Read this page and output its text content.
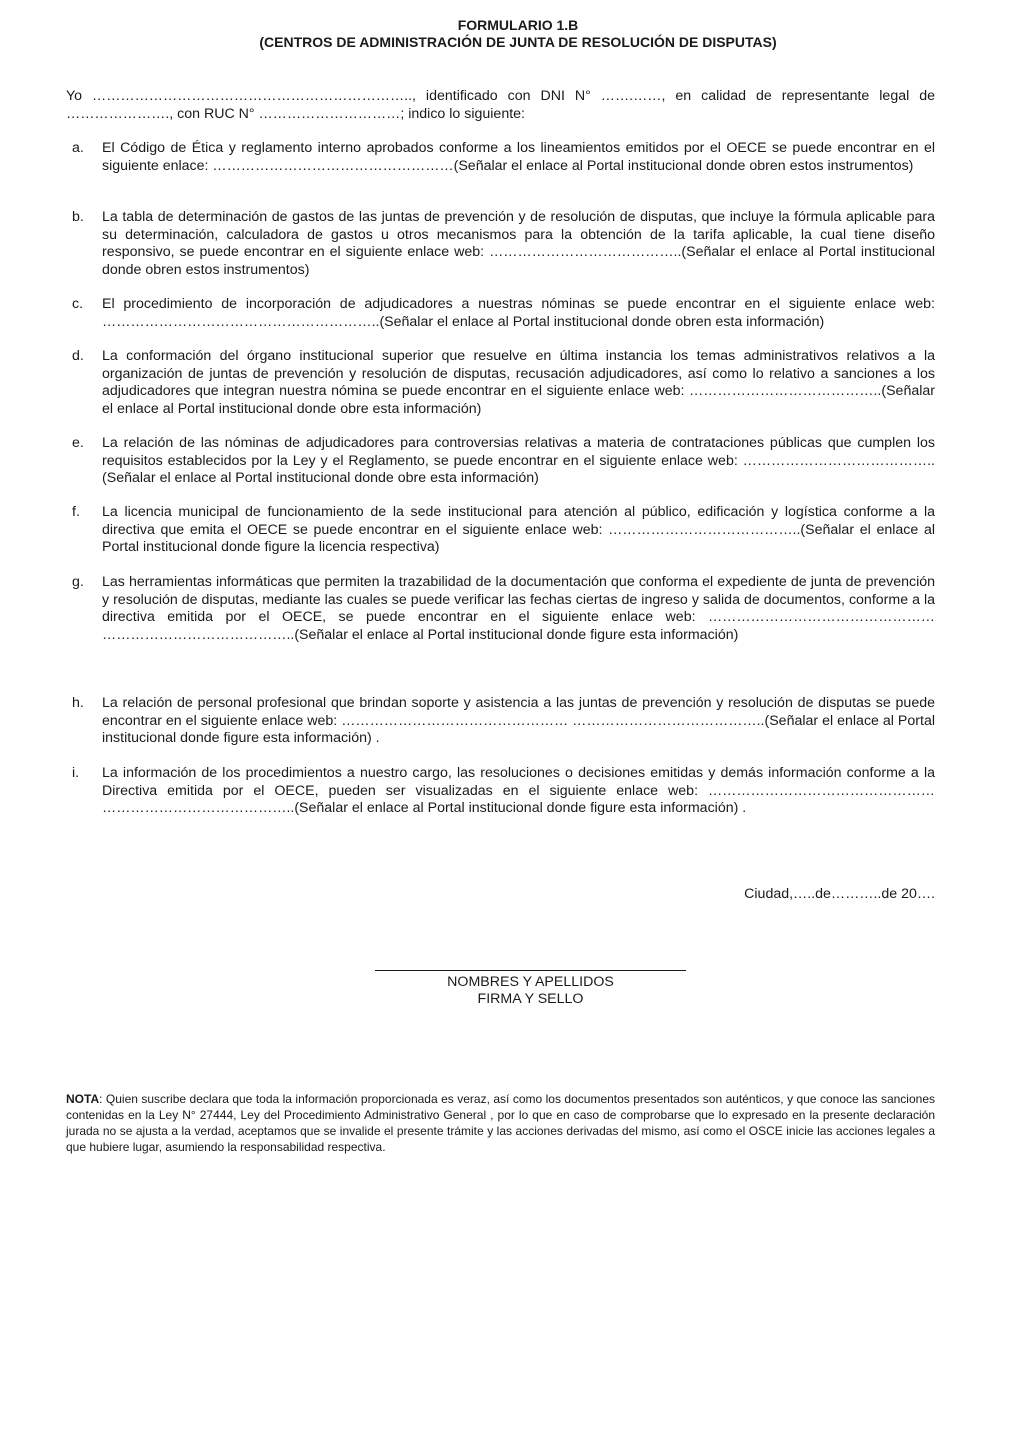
FORMULARIO 1.B
(CENTROS DE ADMINISTRACIÓN DE JUNTA DE RESOLUCIÓN DE DISPUTAS)
Yo ………………………………………………………….., identificado con DNI N° …….……, en calidad de representante legal de …………………., con RUC N° …………………………; indico lo siguiente:
a. El Código de Ética y reglamento interno aprobados conforme a los lineamientos emitidos por el OECE se puede encontrar en el siguiente enlace: ……………………………………………(Señalar el enlace al Portal institucional donde obren estos instrumentos)
b. La tabla de determinación de gastos de las juntas de prevención y de resolución de disputas, que incluye la fórmula aplicable para su determinación, calculadora de gastos u otros mecanismos para la obtención de la tarifa aplicable, la cual tiene diseño responsivo, se puede encontrar en el siguiente enlace web: …………………………………..(Señalar el enlace al Portal institucional donde obren estos instrumentos)
c. El procedimiento de incorporación de adjudicadores a nuestras nóminas se puede encontrar en el siguiente enlace web: …………………………………………………..(Señalar el enlace al Portal institucional donde obren esta información)
d. La conformación del órgano institucional superior que resuelve en última instancia los temas administrativos relativos a la organización de juntas de prevención y resolución de disputas, recusación adjudicadores, así como lo relativo a sanciones a los adjudicadores que integran nuestra nómina se puede encontrar en el siguiente enlace web: …………………………………..(Señalar el enlace al Portal institucional donde obre esta información)
e. La relación de las nóminas de adjudicadores para controversias relativas a materia de contrataciones públicas que cumplen los requisitos establecidos por la Ley y el Reglamento, se puede encontrar en el siguiente enlace web: …………………………………..(Señalar el enlace al Portal institucional donde obre esta información)
f. La licencia municipal de funcionamiento de la sede institucional para atención al público, edificación y logística conforme a la directiva que emita el OECE se puede encontrar en el siguiente enlace web: …………………………………..(Señalar el enlace al Portal institucional donde figure la licencia respectiva)
g. Las herramientas informáticas que permiten la trazabilidad de la documentación que conforma el expediente de junta de prevención y resolución de disputas, mediante las cuales se puede verificar las fechas ciertas de ingreso y salida de documentos, conforme a la directiva emitida por el OECE, se puede encontrar en el siguiente enlace web: ………………………………………… …………………………………..(Señalar el enlace al Portal institucional donde figure esta información)
h. La relación de personal profesional que brindan soporte y asistencia a las juntas de prevención y resolución de disputas se puede encontrar en el siguiente enlace web: ………………………………………… …………………………………..(Señalar el enlace al Portal institucional donde figure esta información) .
i. La información de los procedimientos a nuestro cargo, las resoluciones o decisiones emitidas y demás información conforme a la Directiva emitida por el OECE, pueden ser visualizadas en el siguiente enlace web: ………………………………………… …………………………………..(Señalar el enlace al Portal institucional donde figure esta información) .
Ciudad,…..de………..de 20….
NOMBRES Y APELLIDOS
FIRMA Y SELLO
NOTA: Quien suscribe declara que toda la información proporcionada es veraz, así como los documentos presentados son auténticos, y que conoce las sanciones contenidas en la Ley N° 27444, Ley del Procedimiento Administrativo General , por lo que en caso de comprobarse que lo expresado en la presente declaración jurada no se ajusta a la verdad, aceptamos que se invalide el presente trámite y las acciones derivadas del mismo, así como el OSCE inicie las acciones legales a que hubiere lugar, asumiendo la responsabilidad respectiva.
